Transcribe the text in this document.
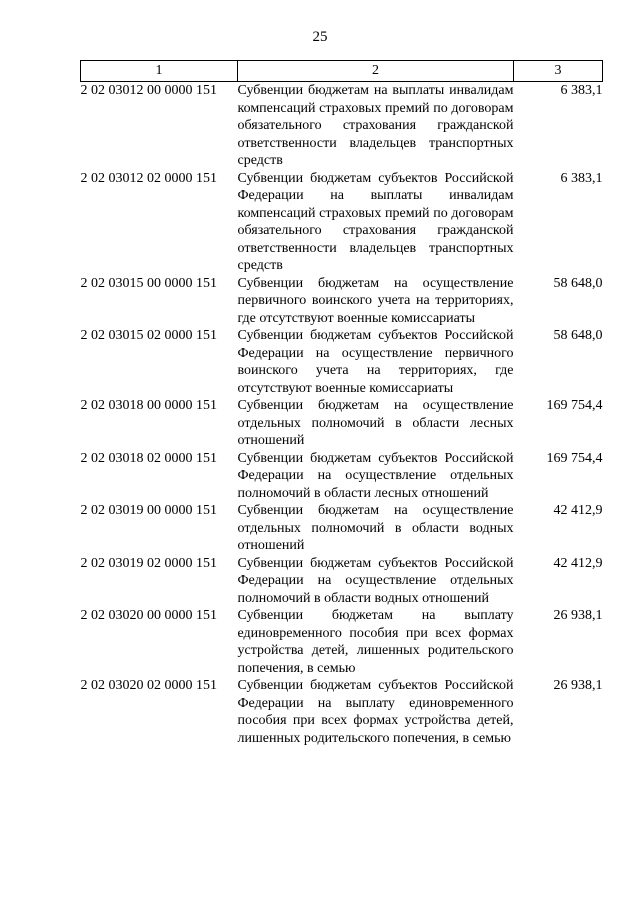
25
1	2	3
2 02 03012 00 0000 151	Субвенции бюджетам на выплаты инвалидам компенсаций страховых премий по договорам обязательного страхования гражданской ответственности владельцев транспортных средств	6 383,1
2 02 03012 02 0000 151	Субвенции бюджетам субъектов Российской Федерации на выплаты инвалидам компенсаций страховых премий по договорам обязательного страхования гражданской ответственности владельцев транспортных средств	6 383,1
2 02 03015 00 0000 151	Субвенции бюджетам на осуществление первичного воинского учета на территориях, где отсутствуют военные комиссариаты	58 648,0
2 02 03015 02 0000 151	Субвенции бюджетам субъектов Российской Федерации на осуществление первичного воинского учета на территориях, где отсутствуют военные комиссариаты	58 648,0
2 02 03018 00 0000 151	Субвенции бюджетам на осуществление отдельных полномочий в области лесных отношений	169 754,4
2 02 03018 02 0000 151	Субвенции бюджетам субъектов Российской Федерации на осуществление отдельных полномочий в области лесных отношений	169 754,4
2 02 03019 00 0000 151	Субвенции бюджетам на осуществление отдельных полномочий в области водных отношений	42 412,9
2 02 03019 02 0000 151	Субвенции бюджетам субъектов Российской Федерации на осуществление отдельных полномочий в области водных отношений	42 412,9
2 02 03020 00 0000 151	Субвенции бюджетам на выплату единовременного пособия при всех формах устройства детей, лишенных родительского попечения, в семью	26 938,1
2 02 03020 02 0000 151	Субвенции бюджетам субъектов Российской Федерации на выплату единовременного пособия при всех формах устройства детей, лишенных родительского попечения, в семью	26 938,1
